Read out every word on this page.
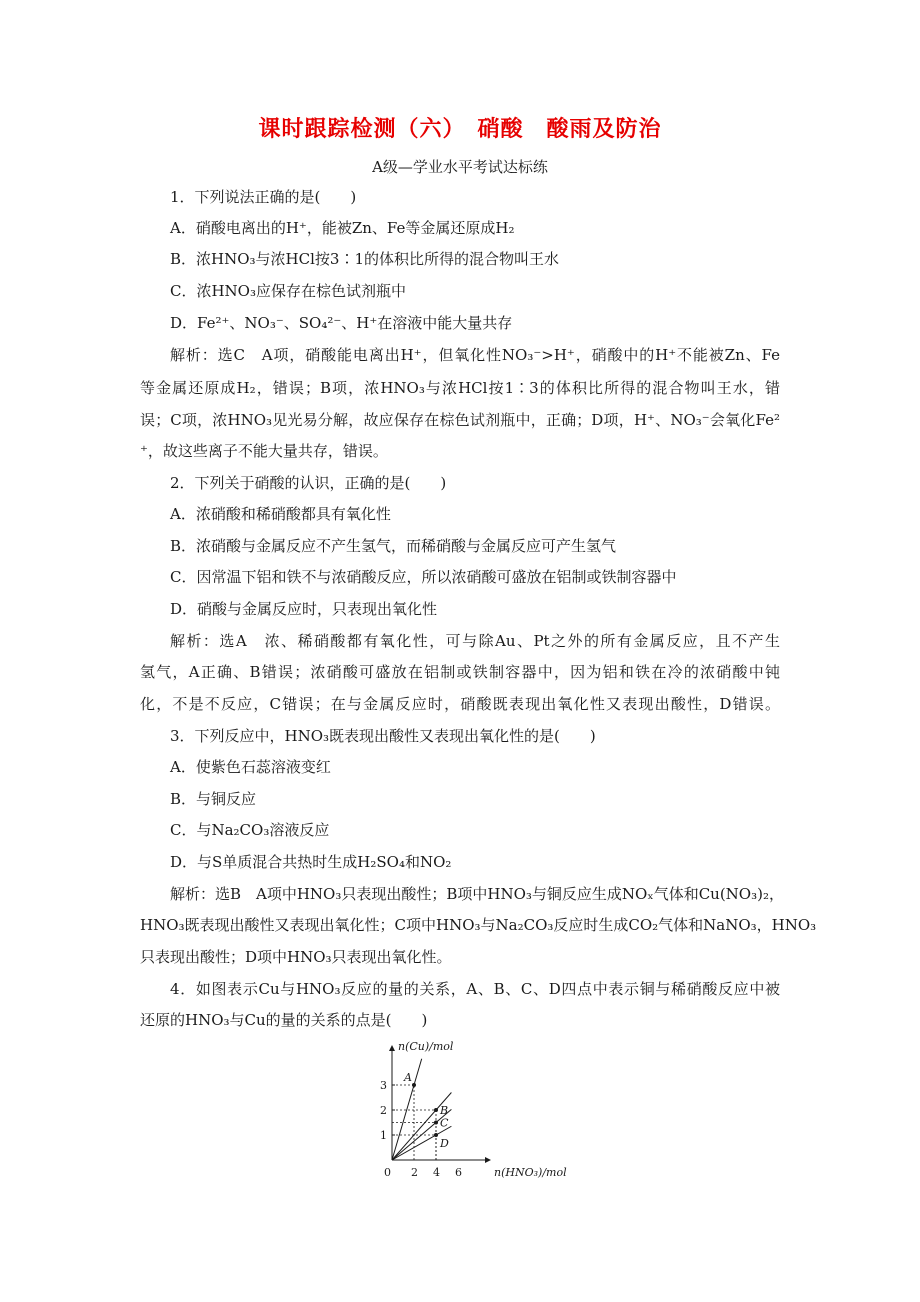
课时跟踪检测（六）　硝酸　酸雨及防治
A级—学业水平考试达标练
1．下列说法正确的是(　　)
A．硝酸电离出的H⁺，能被Zn、Fe等金属还原成H₂
B．浓HNO₃与浓HCl按3∶1的体积比所得的混合物叫王水
C．浓HNO₃应保存在棕色试剂瓶中
D．Fe²⁺、NO₃⁻、SO₄²⁻、H⁺在溶液中能大量共存
解析：选C　A项，硝酸能电离出H⁺，但氧化性NO₃⁻>H⁺，硝酸中的H⁺不能被Zn、Fe
等金属还原成H₂，错误；B项，浓HNO₃与浓HCl按1∶3的体积比所得的混合物叫王水，错
误；C项，浓HNO₃见光易分解，故应保存在棕色试剂瓶中，正确；D项，H⁺、NO₃⁻会氧化Fe²
⁺，故这些离子不能大量共存，错误。
2．下列关于硝酸的认识，正确的是(　　)
A．浓硝酸和稀硝酸都具有氧化性
B．浓硝酸与金属反应不产生氢气，而稀硝酸与金属反应可产生氢气
C．因常温下铝和铁不与浓硝酸反应，所以浓硝酸可盛放在铝制或铁制容器中
D．硝酸与金属反应时，只表现出氧化性
解析：选A　浓、稀硝酸都有氧化性，可与除Au、Pt之外的所有金属反应，且不产生
氢气，A正确、B错误；浓硝酸可盛放在铝制或铁制容器中，因为铝和铁在冷的浓硝酸中钝
化，不是不反应，C错误；在与金属反应时，硝酸既表现出氧化性又表现出酸性，D错误。
3．下列反应中，HNO₃既表现出酸性又表现出氧化性的是(　　)
A．使紫色石蕊溶液变红
B．与铜反应
C．与Na₂CO₃溶液反应
D．与S单质混合共热时生成H₂SO₄和NO₂
解析：选B　A项中HNO₃只表现出酸性；B项中HNO₃与铜反应生成NOₓ气体和Cu(NO₃)₂，
HNO₃既表现出酸性又表现出氧化性；C项中HNO₃与Na₂CO₃反应时生成CO₂气体和NaNO₃，HNO₃
只表现出酸性；D项中HNO₃只表现出氧化性。
4．如图表示Cu与HNO₃反应的量的关系，A、B、C、D四点中表示铜与稀硝酸反应中被
还原的HNO₃与Cu的量的关系的点是(　　)
n(Cu)/mol
n(HNO₃)/mol
0 2 4 6
1
2
3
A
B
C
D
